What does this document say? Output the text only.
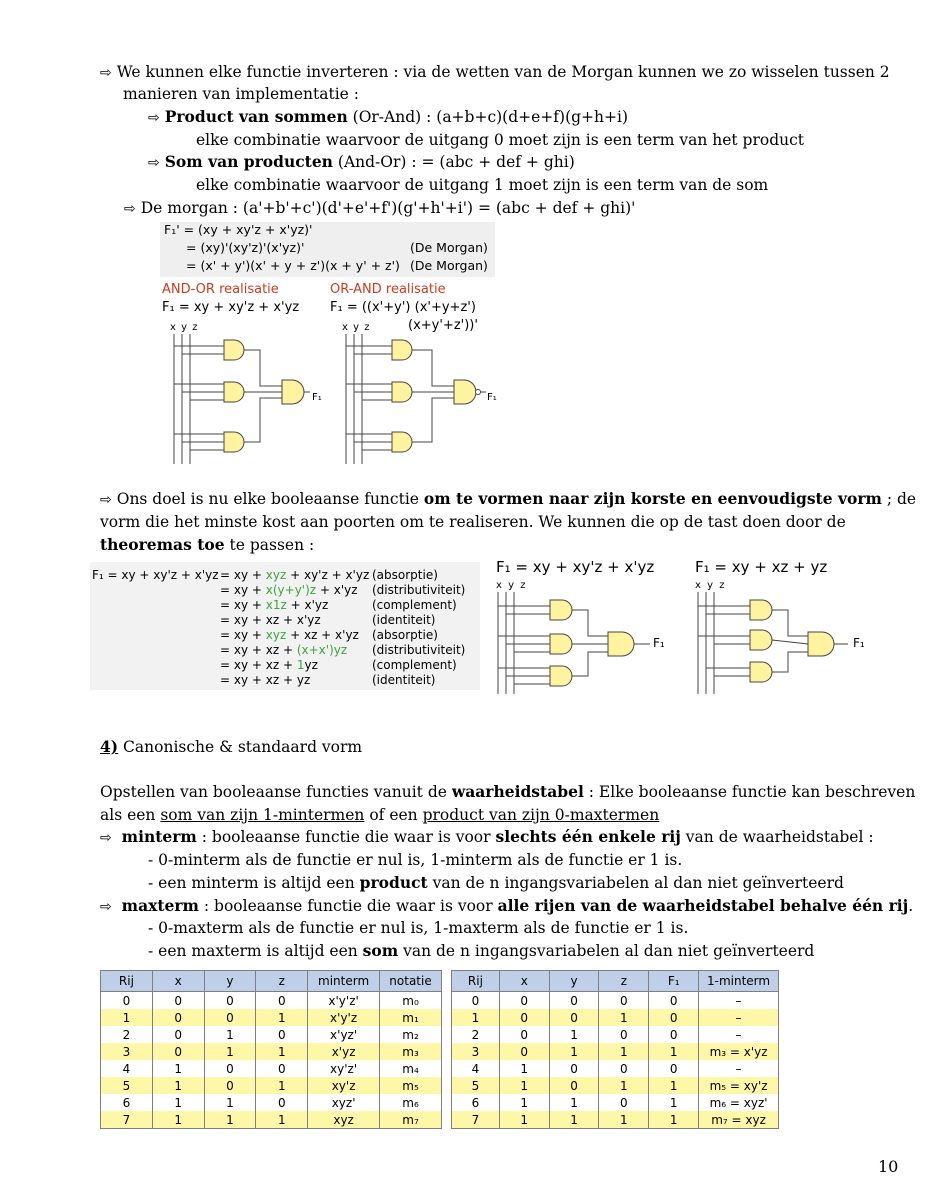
⇨ We kunnen elke functie inverteren : via de wetten van de Morgan kunnen we zo wisselen tussen 2
manieren van implementatie :
⇨ Product van sommen (Or-And) : (a+b+c)(d+e+f)(g+h+i)
elke combinatie waarvoor de uitgang 0 moet zijn is een term van het product
⇨ Som van producten (And-Or) : = (abc + def + ghi)
elke combinatie waarvoor de uitgang 1 moet zijn is een term van de som
⇨ De morgan : (a'+b'+c')(d'+e'+f')(g'+h'+i') = (abc + def + ghi)'
F₁' = (xy + xy'z + x'yz)'
= (xy)'(xy'z)'(x'yz)'	(De Morgan)
= (x' + y')(x' + y + z')(x + y' + z') (De Morgan)
AND-OR realisatie
F₁ = xy + xy'z + x'yz
OR-AND realisatie
F₁ = ((x'+y') (x'+y+z')
(x+y'+z'))'
x y z	x y z
F₁	F₁
⇨ Ons doel is nu elke booleaanse functie om te vormen naar zijn korste en eenvoudigste vorm ; de
vorm die het minste kost aan poorten om te realiseren. We kunnen die op de tast doen door de
theoremas toe te passen :
F₁ = xy + xy'z + x'yz = xy + xyz + xy'z + x'yz (absorptie)
= xy + x(y+y')z + x'yz (distributiviteit)
= xy + x1z + x'yz	(complement)
= xy + xz + x'yz	(identiteit)
= xy + xyz + xz + x'yz (absorptie)
= xy + xz + (x+x')yz (distributiviteit)
= xy + xz + 1yz	(complement)
= xy + xz + yz	(identiteit)
F₁ = xy + xy'z + x'yz	F₁ = xy + xz + yz
x y z	x y z
F₁	F₁
4) Canonische & standaard vorm
Opstellen van booleaanse functies vanuit de waarheidstabel : Elke booleaanse functie kan beschreven
als een som van zijn 1-mintermen of een product van zijn 0-maxtermen
⇨ minterm : booleaanse functie die waar is voor slechts één enkele rij van de waarheidstabel :
- 0-minterm als de functie er nul is, 1-minterm als de functie er 1 is.
- een minterm is altijd een product van de n ingangsvariabelen al dan niet geïnverteerd
⇨ maxterm : booleaanse functie die waar is voor alle rijen van de waarheidstabel behalve één rij.
- 0-maxterm als de functie er nul is, 1-maxterm als de functie er 1 is.
- een maxterm is altijd een som van de n ingangsvariabelen al dan niet geïnverteerd
Rij	x	y	z	minterm	notatie
0	0	0	0	x'y'z'	m₀
1	0	0	1	x'y'z	m₁
2	0	1	0	x'yz'	m₂
3	0	1	1	x'yz	m₃
4	1	0	0	xy'z'	m₄
5	1	0	1	xy'z	m₅
6	1	1	0	xyz'	m₆
7	1	1	1	xyz	m₇
Rij	x	y	z	F₁	1-minterm
0	0	0	0	0	–
1	0	0	1	0	–
2	0	1	0	0	–
3	0	1	1	1	m₃ = x'yz
4	1	0	0	0	–
5	1	0	1	1	m₅ = xy'z
6	1	1	0	1	m₆ = xyz'
7	1	1	1	1	m₇ = xyz
10
